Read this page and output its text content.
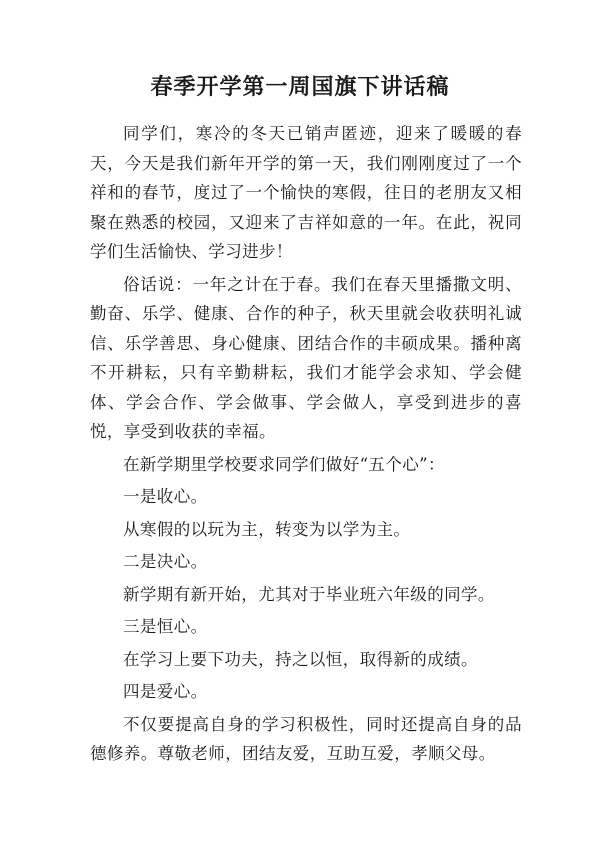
春季开学第一周国旗下讲话稿

同学们，寒冷的冬天已销声匿迹，迎来了暖暖的春天，今天是我们新年开学的第一天，我们刚刚度过了一个祥和的春节，度过了一个愉快的寒假，往日的老朋友又相聚在熟悉的校园，又迎来了吉祥如意的一年。在此，祝同学们生活愉快、学习进步！

俗话说：一年之计在于春。我们在春天里播撒文明、勤奋、乐学、健康、合作的种子，秋天里就会收获明礼诚信、乐学善思、身心健康、团结合作的丰硕成果。播种离不开耕耘，只有辛勤耕耘，我们才能学会求知、学会健体、学会合作、学会做事、学会做人，享受到进步的喜悦，享受到收获的幸福。

在新学期里学校要求同学们做好“五个心”：

一是收心。

从寒假的以玩为主，转变为以学为主。

二是决心。

新学期有新开始，尤其对于毕业班六年级的同学。

三是恒心。

在学习上要下功夫，持之以恒，取得新的成绩。

四是爱心。

不仅要提高自身的学习积极性，同时还提高自身的品德修养。尊敬老师，团结友爱，互助互爱，孝顺父母。
